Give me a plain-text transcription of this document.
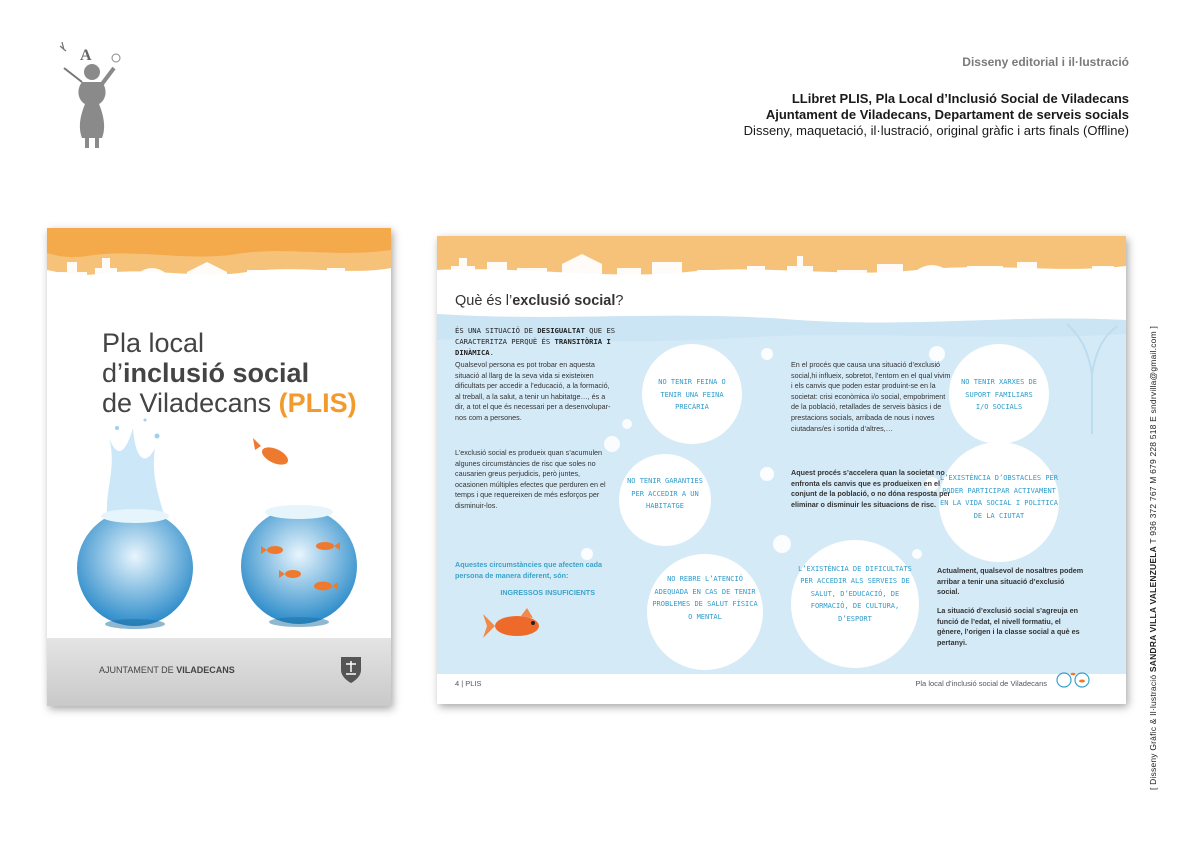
A	Disseny editorial i il·lustració
LLibret PLIS, Pla Local d’Inclusió Social de Viladecans
Ajuntament de Viladecans, Departament de serveis socials
Disseny, maquetació, il·lustració, original gràfic i arts finals (Offline)
[ Disseny Gràfic & Il·lustració SANDRA VILLA VALENZUELA T 936 372 767 M 679 228 518 E sndrvilla@gmail.com ]
Pla local
d’inclusió social
de Viladecans (PLIS)
AJUNTAMENT DE VILADECANS
Què és l’exclusió social?
ÉS UNA SITUACIÓ DE DESIGUALTAT QUE ES CARACTERITZA PERQUÈ ÉS TRANSITÒRIA I DINÀMICA.
Qualsevol persona es pot trobar en aquesta situació al llarg de la seva vida si existeixen dificultats per accedir a l’educació, a la formació, al treball, a la salut, a tenir un habitatge…, és a dir, a tot el que és necessari per a desenvolupar-nos com a persones.
L’exclusió social es produeix quan s’acumulen algunes circumstàncies de risc que soles no causarien greus perjudicis, però juntes, ocasionen múltiples efectes que perduren en el temps i que requereixen de més esforços per disminuir-los.
Aquestes circumstàncies que afecten cada persona de manera diferent, són:
INGRESSOS INSUFICIENTS
En el procés que causa una situació d’exclusió social,hi influeix, sobretot, l’entorn en el qual vivim i els canvis que poden estar produint-se en la societat: crisi econòmica i/o social, empobriment de la població, retallades de serveis bàsics i de prestacions socials, arribada de nous i noves ciutadans/es i sortida d’altres,…
Aquest procés s’accelera quan la societat no enfronta els canvis que es produeixen en el conjunt de la població, o no dóna resposta per eliminar o disminuir les situacions de risc.
Actualment, qualsevol de nosaltres podem arribar a tenir una situació d’exclusió social.
La situació d’exclusió social s’agreuja en funció de l’edat, el nivell formatiu, el gènere, l’origen i la classe social a què es pertanyi.
NO TENIR FEINA O TENIR UNA FEINA PRECÀRIA
NO TENIR GARANTIES PER ACCEDIR A UN HABITATGE
NO REBRE L’ATENCIÓ ADEQUADA EN CAS DE TENIR PROBLEMES DE SALUT FÍSICA O MENTAL
NO TENIR XARXES DE SUPORT FAMILIARS I/O SOCIALS
L’EXISTÈNCIA D’OBSTACLES PER PODER PARTICIPAR ACTIVAMENT EN LA VIDA SOCIAL I POLÍTICA DE LA CIUTAT
L’EXISTÈNCIA DE DIFICULTATS PER ACCEDIR ALS SERVEIS DE SALUT, D’EDUCACIÓ, DE FORMACIÓ, DE CULTURA, D’ESPORT
4 | PLIS	Pla local d’inclusió social de Viladecans
